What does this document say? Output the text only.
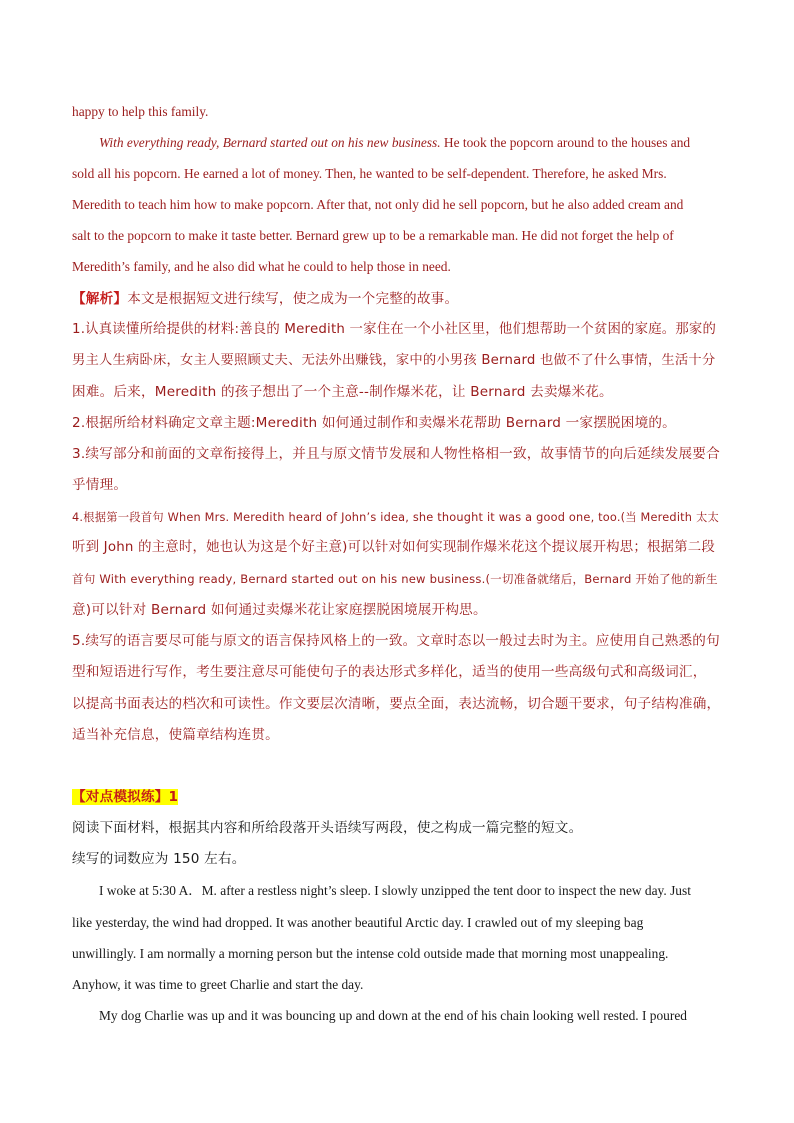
happy to help this family.
With everything ready, Bernard started out on his new business. He took the popcorn around to the houses and
sold all his popcorn. He earned a lot of money. Then, he wanted to be self-dependent. Therefore, he asked Mrs.
Meredith to teach him how to make popcorn. After that, not only did he sell popcorn, but he also added cream and
salt to the popcorn to make it taste better. Bernard grew up to be a remarkable man. He did not forget the help of
Meredith’s family, and he also did what he could to help those in need.
【解析】本文是根据短文进行续写，使之成为一个完整的故事。
1.认真读懂所给提供的材料:善良的 Meredith 一家住在一个小社区里，他们想帮助一个贫困的家庭。那家的
男主人生病卧床，女主人要照顾丈夫、无法外出赚钱，家中的小男孩 Bernard 也做不了什么事情，生活十分
困难。后来，Meredith 的孩子想出了一个主意--制作爆米花，让 Bernard 去卖爆米花。
2.根据所给材料确定文章主题:Meredith 如何通过制作和卖爆米花帮助 Bernard 一家摆脱困境的。
3.续写部分和前面的文章衔接得上，并且与原文情节发展和人物性格相一致，故事情节的向后延续发展要合
乎情理。
4.根据第一段首句 When Mrs. Meredith heard of John’s idea, she thought it was a good one, too.(当 Meredith 太太
听到 John 的主意时，她也认为这是个好主意)可以针对如何实现制作爆米花这个提议展开构思；根据第二段
首句 With everything ready, Bernard started out on his new business.(一切准备就绪后，Bernard 开始了他的新生
意)可以针对 Bernard 如何通过卖爆米花让家庭摆脱困境展开构思。
5.续写的语言要尽可能与原文的语言保持风格上的一致。文章时态以一般过去时为主。应使用自己熟悉的句
型和短语进行写作，考生要注意尽可能使句子的表达形式多样化，适当的使用一些高级句式和高级词汇，
以提高书面表达的档次和可读性。作文要层次清晰，要点全面，表达流畅，切合题干要求，句子结构准确，
适当补充信息，使篇章结构连贯。
【对点模拟练】1
阅读下面材料，根据其内容和所给段落开头语续写两段，使之构成一篇完整的短文。
续写的词数应为 150 左右。
I woke at 5:30 A．M. after a restless night’s sleep. I slowly unzipped the tent door to inspect the new day. Just
like yesterday, the wind had dropped. It was another beautiful Arctic day. I crawled out of my sleeping bag
unwillingly. I am normally a morning person but the intense cold outside made that morning most unappealing.
Anyhow, it was time to greet Charlie and start the day.
My dog Charlie was up and it was bouncing up and down at the end of his chain looking well rested. I poured
